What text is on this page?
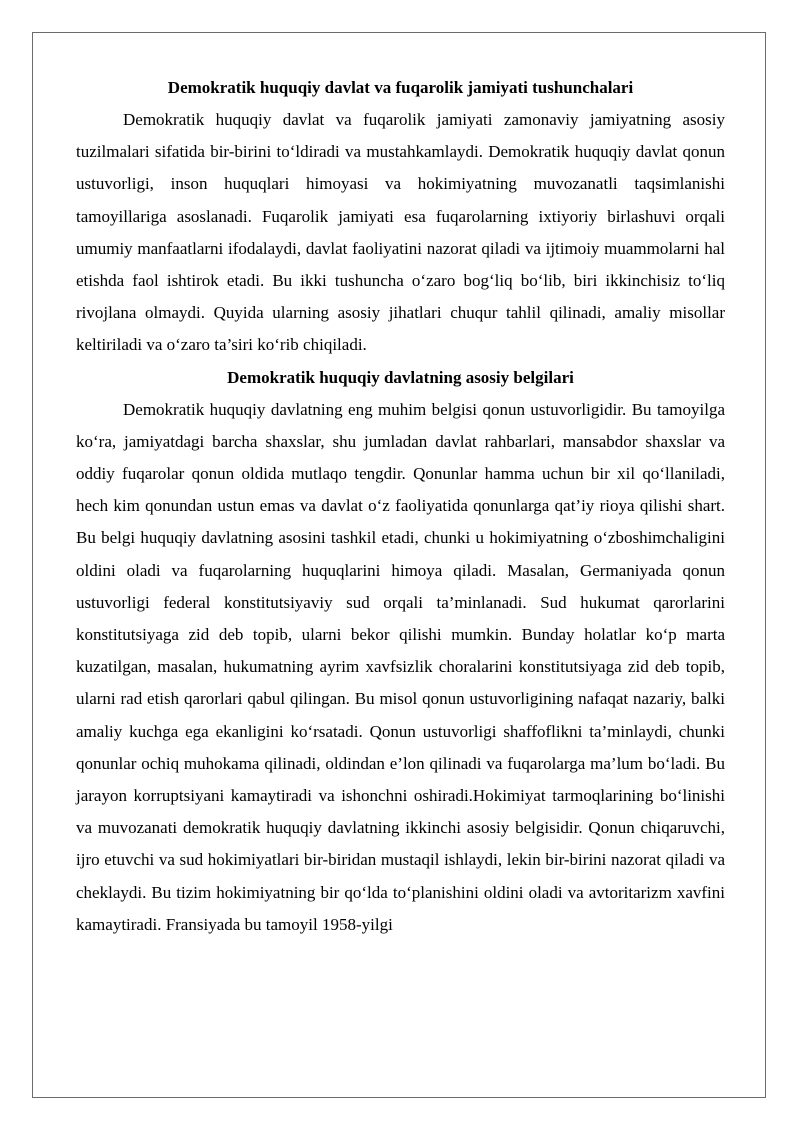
Demokratik huquqiy davlat va fuqarolik jamiyati tushunchalari

Demokratik huquqiy davlat va fuqarolik jamiyati zamonaviy jamiyatning asosiy tuzilmalari sifatida bir-birini to‘ldiradi va mustahkamlaydi. Demokratik huquqiy davlat qonun ustuvorligi, inson huquqlari himoyasi va hokimiyatning muvozanatli taqsimlanishi tamoyillariga asoslanadi. Fuqarolik jamiyati esa fuqarolarning ixtiyoriy birlashuvi orqali umumiy manfaatlarni ifodalaydi, davlat faoliyatini nazorat qiladi va ijtimoiy muammolarni hal etishda faol ishtirok etadi. Bu ikki tushuncha o‘zaro bog‘liq bo‘lib, biri ikkinchisiz to‘liq rivojlana olmaydi. Quyida ularning asosiy jihatlari chuqur tahlil qilinadi, amaliy misollar keltiriladi va o‘zaro ta’siri ko‘rib chiqiladi.

Demokratik huquqiy davlatning asosiy belgilari

Demokratik huquqiy davlatning eng muhim belgisi qonun ustuvorligidir. Bu tamoyilga ko‘ra, jamiyatdagi barcha shaxslar, shu jumladan davlat rahbarlari, mansabdor shaxslar va oddiy fuqarolar qonun oldida mutlaqo tengdir. Qonunlar hamma uchun bir xil qo‘llaniladi, hech kim qonundan ustun emas va davlat o‘z faoliyatida qonunlarga qat’iy rioya qilishi shart. Bu belgi huquqiy davlatning asosini tashkil etadi, chunki u hokimiyatning o‘zboshimchaligini oldini oladi va fuqarolarning huquqlarini himoya qiladi. Masalan, Germaniyada qonun ustuvorligi federal konstitutsiyaviy sud orqali ta’minlanadi. Sud hukumat qarorlarini konstitutsiyaga zid deb topib, ularni bekor qilishi mumkin. Bunday holatlar ko‘p marta kuzatilgan, masalan, hukumatning ayrim xavfsizlik choralarini konstitutsiyaga zid deb topib, ularni rad etish qarorlari qabul qilingan. Bu misol qonun ustuvorligining nafaqat nazariy, balki amaliy kuchga ega ekanligini ko‘rsatadi. Qonun ustuvorligi shaffoflikni ta’minlaydi, chunki qonunlar ochiq muhokama qilinadi, oldindan e’lon qilinadi va fuqarolarga ma’lum bo‘ladi. Bu jarayon korruptsiyani kamaytiradi va ishonchni oshiradi.Hokimiyat tarmoqlarining bo‘linishi va muvozanati demokratik huquqiy davlatning ikkinchi asosiy belgisidir. Qonun chiqaruvchi, ijro etuvchi va sud hokimiyatlari bir-biridan mustaqil ishlaydi, lekin bir-birini nazorat qiladi va cheklaydi. Bu tizim hokimiyatning bir qo‘lda to‘planishini oldini oladi va avtoritarizm xavfini kamaytiradi. Fransiyada bu tamoyil 1958-yilgi
